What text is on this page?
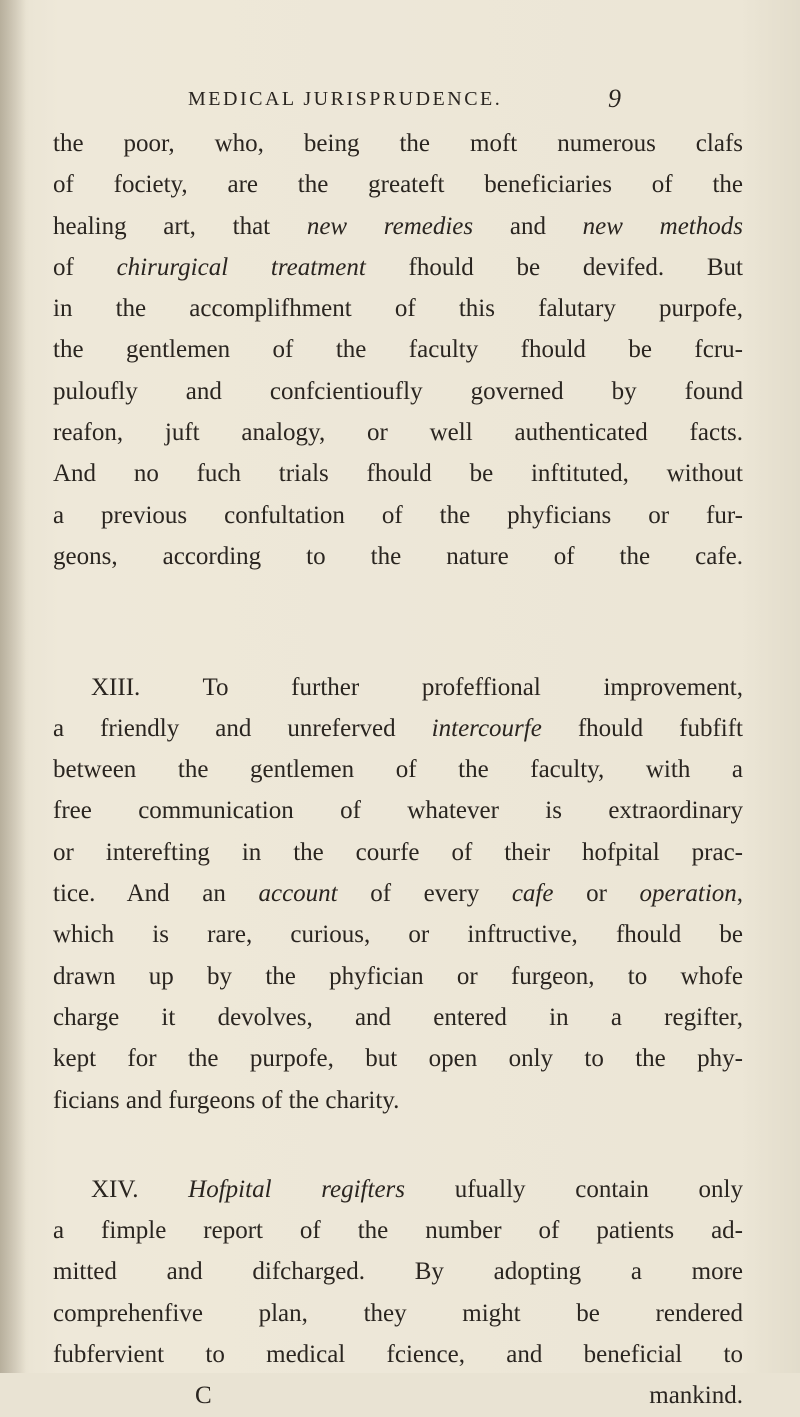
MEDICAL JURISPRUDENCE.	9
the poor, who, being the moft numerous clafs
of fociety, are the greateft beneficiaries of the
healing art, that new remedies and new methods
of chirurgical treatment fhould be devifed. But
in the accomplifhment of this falutary purpofe,
the gentlemen of the faculty fhould be fcru-
puloufly and confcientioufly governed by found
reafon, juft analogy, or well authenticated facts.
And no fuch trials fhould be inftituted, without
a previous confultation of the phyficians or fur-
geons, according to the nature of the cafe.
XIII. To further profeffional improvement,
a friendly and unreferved intercourfe fhould fubfift
between the gentlemen of the faculty, with a
free communication of whatever is extraordinary
or interefting in the courfe of their hofpital prac-
tice. And an account of every cafe or operation,
which is rare, curious, or inftructive, fhould be
drawn up by the phyfician or furgeon, to whofe
charge it devolves, and entered in a regifter,
kept for the purpofe, but open only to the phy-
ficians and furgeons of the charity.
XIV. Hofpital regifters ufually contain only
a fimple report of the number of patients ad-
mitted and difcharged. By adopting a more
comprehenfive plan, they might be rendered
fubfervient to medical fcience, and beneficial to
C	mankind.
